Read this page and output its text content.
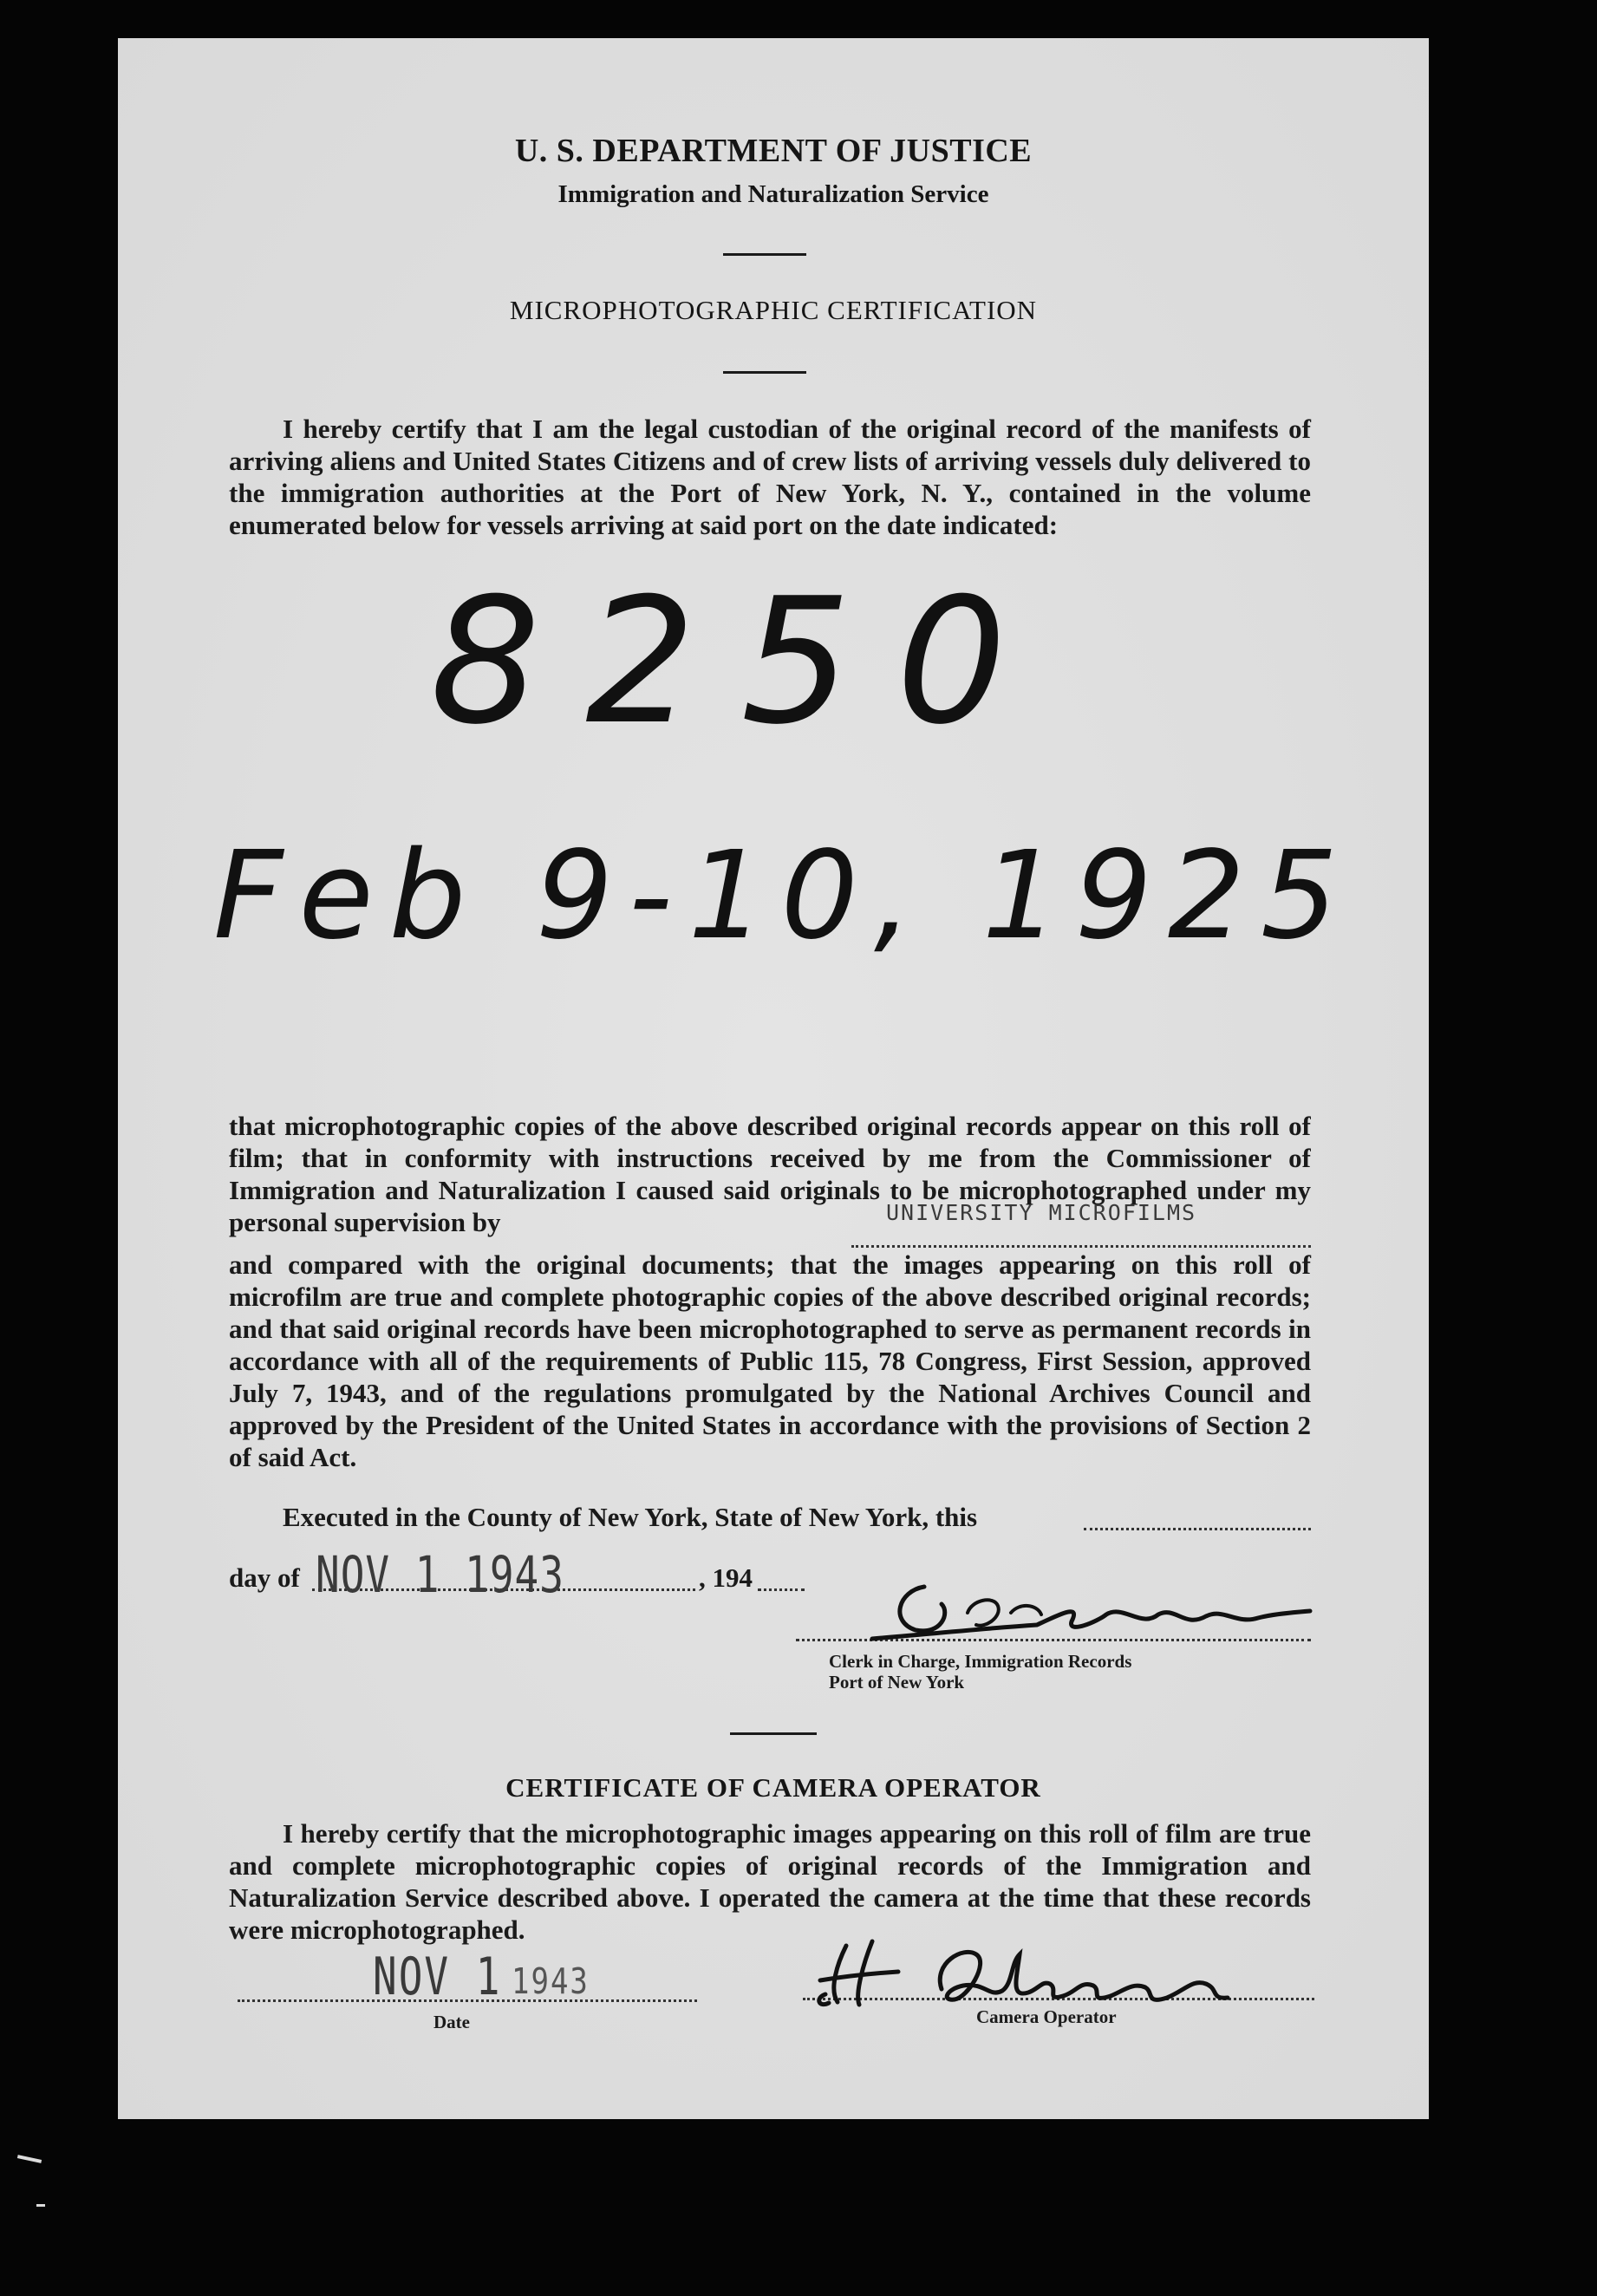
U. S. DEPARTMENT OF JUSTICE
Immigration and Naturalization Service
MICROPHOTOGRAPHIC CERTIFICATION
I hereby certify that I am the legal custodian of the original record of the manifests of arriving aliens and United States Citizens and of crew lists of arriving vessels duly delivered to the immigration authorities at the Port of New York, N. Y., contained in the volume enumerated below for vessels arriving at said port on the date indicated:
8250
Feb 9-10, 1925
that microphotographic copies of the above described original records appear on this roll of film; that in conformity with instructions received by me from the Commissioner of Immigration and Naturalization I caused said originals to be microphotographed under my personal supervision by	UNIVERSITY MICROFILMS
and compared with the original documents; that the images appearing on this roll of microfilm are true and complete photographic copies of the above described original records; and that said original records have been microphotographed to serve as permanent records in accordance with all of the requirements of Public 115, 78 Congress, First Session, approved July 7, 1943, and of the regulations promulgated by the National Archives Council and approved by the President of the United States in accordance with the provisions of Section 2 of said Act.
Executed in the County of New York, State of New York, this
day of NOV 1 1943	, 194
Clerk in Charge, Immigration Records
Port of New York
CERTIFICATE OF CAMERA OPERATOR
I hereby certify that the microphotographic images appearing on this roll of film are true and complete microphotographic copies of original records of the Immigration and Naturalization Service described above. I operated the camera at the time that these records were microphotographed.
NOV 1 1943
Date	Camera Operator
